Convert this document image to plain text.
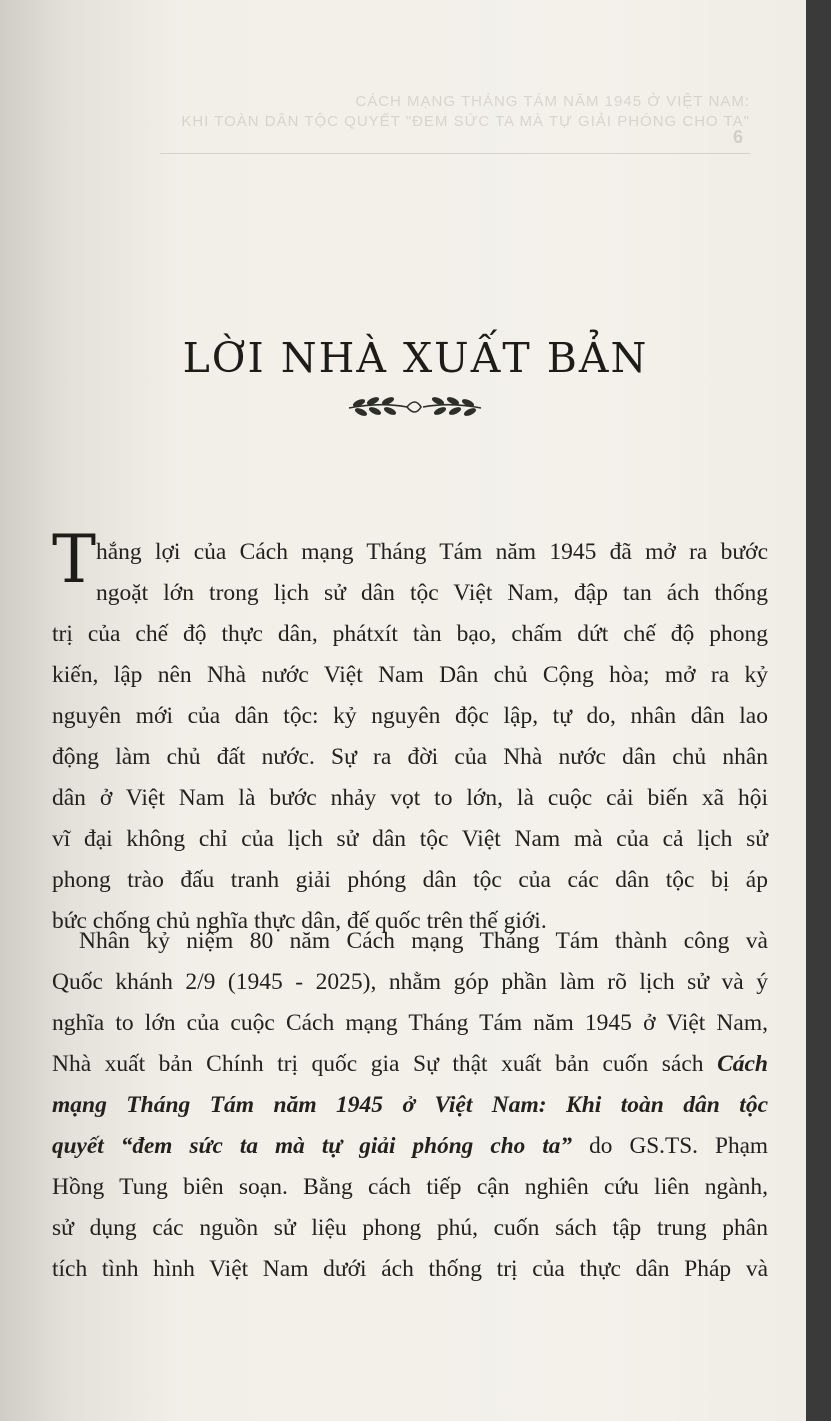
CÁCH MẠNG THÁNG TÁM NĂM 1945 Ở VIỆT NAM:
KHI TOÀN DÂN TỘC QUYẾT "ĐEM SỨC TA MÀ TỰ GIẢI PHÓNG CHO TA"
6
LỜI NHÀ XUẤT BẢN
T hắng lợi của Cách mạng Tháng Tám năm 1945 đã mở ra bước
ngoặt lớn trong lịch sử dân tộc Việt Nam, đập tan ách thống
trị của chế độ thực dân, phátxít tàn bạo, chấm dứt chế độ phong
kiến, lập nên Nhà nước Việt Nam Dân chủ Cộng hòa; mở ra kỷ
nguyên mới của dân tộc: kỷ nguyên độc lập, tự do, nhân dân lao
động làm chủ đất nước. Sự ra đời của Nhà nước dân chủ nhân
dân ở Việt Nam là bước nhảy vọt to lớn, là cuộc cải biến xã hội
vĩ đại không chỉ của lịch sử dân tộc Việt Nam mà của cả lịch sử
phong trào đấu tranh giải phóng dân tộc của các dân tộc bị áp
bức chống chủ nghĩa thực dân, đế quốc trên thế giới.
Nhân kỷ niệm 80 năm Cách mạng Tháng Tám thành công và
Quốc khánh 2/9 (1945 - 2025), nhằm góp phần làm rõ lịch sử và ý
nghĩa to lớn của cuộc Cách mạng Tháng Tám năm 1945 ở Việt Nam,
Nhà xuất bản Chính trị quốc gia Sự thật xuất bản cuốn sách Cách
mạng Tháng Tám năm 1945 ở Việt Nam: Khi toàn dân tộc
quyết “đem sức ta mà tự giải phóng cho ta” do GS.TS. Phạm
Hồng Tung biên soạn. Bằng cách tiếp cận nghiên cứu liên ngành,
sử dụng các nguồn sử liệu phong phú, cuốn sách tập trung phân
tích tình hình Việt Nam dưới ách thống trị của thực dân Pháp và
